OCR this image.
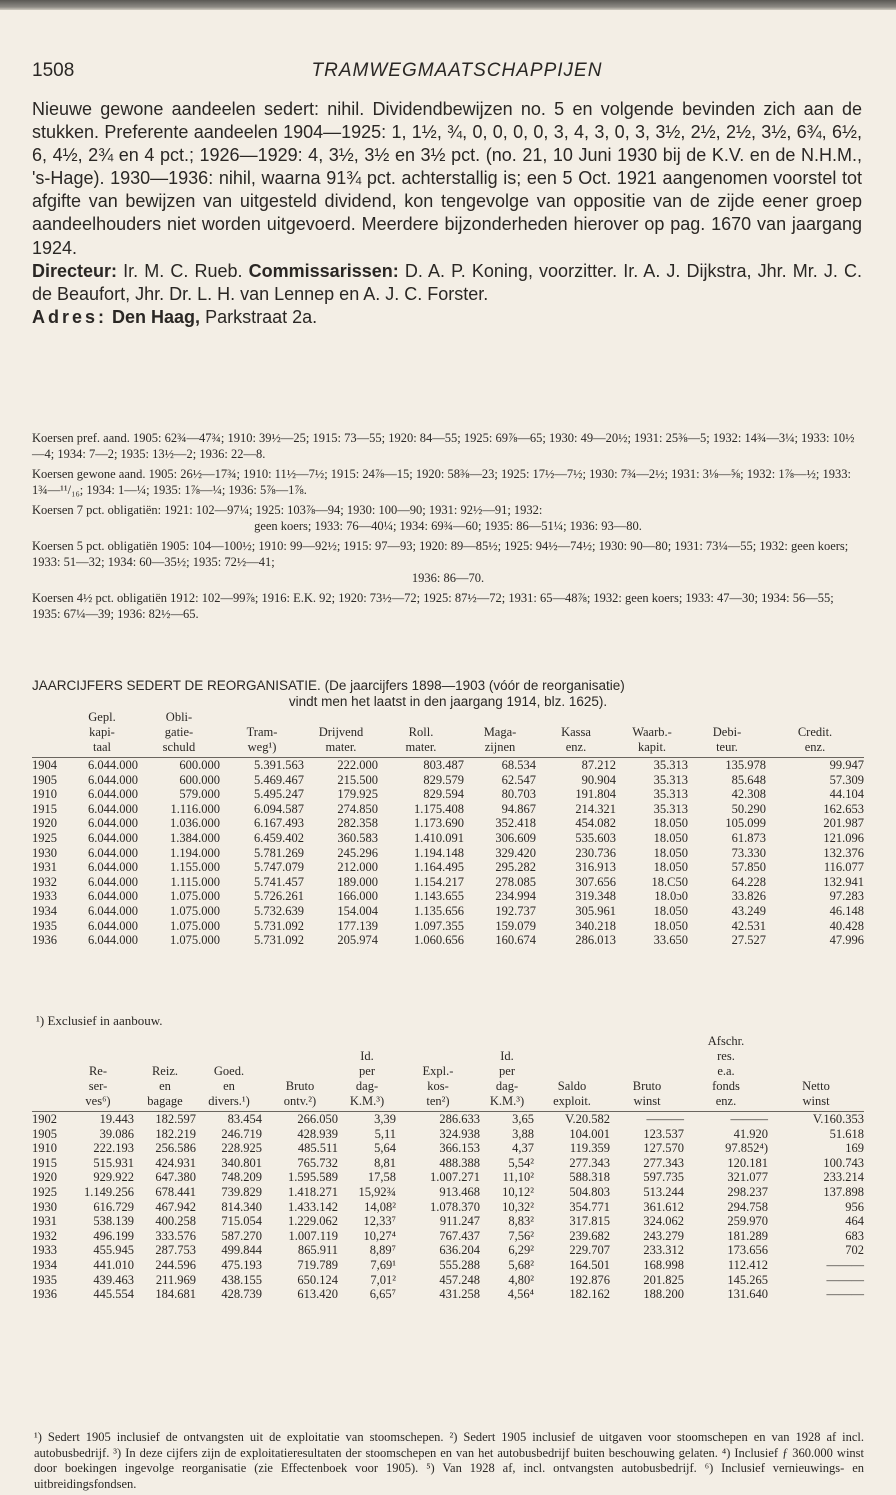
1508	TRAMWEGMAATSCHAPPIJEN

Nieuwe gewone aandeelen sedert: nihil. Dividendbewijzen no. 5 en volgende bevinden zich aan de stukken. Preferente aandeelen 1904—1925: 1, 1½, ¾, 0, 0, 0, 0, 3, 4, 3, 0, 3, 3½, 2½, 2½, 3½, 6¾, 6½, 6, 4½, 2¾ en 4 pct.; 1926—1929: 4, 3½, 3½ en 3½ pct. (no. 21, 10 Juni 1930 bij de K.V. en de N.H.M., 's-Hage). 1930—1936: nihil, waarna 91¾ pct. achterstallig is; een 5 Oct. 1921 aangenomen voorstel tot afgifte van bewijzen van uitgesteld dividend, kon tengevolge van oppositie van de zijde eener groep aandeelhouders niet worden uitgevoerd. Meerdere bijzonderheden hierover op pag. 1670 van jaargang 1924.

Directeur: Ir. M. C. Rueb. Commissarissen: D. A. P. Koning, voorzitter. Ir. A. J. Dijkstra, Jhr. Mr. J. C. de Beaufort, Jhr. Dr. L. H. van Lennep en A. J. C. Forster.

Adres: Den Haag, Parkstraat 2a.

Koersen pref. aand. 1905: 62¾—47¾; 1910: 39½—25; 1915: 73—55; 1920: 84—55; 1925: 69⅞—65; 1930: 49—20½; 1931: 25⅜—5; 1932: 14¾—3¼; 1933: 10½—4; 1934: 7—2; 1935: 13½—2; 1936: 22—8.

Koersen gewone aand. 1905: 26½—17¾; 1910: 11½—7½; 1915: 24⅞—15; 1920: 58⅜—23; 1925: 17½—7½; 1930: 7¾—2½; 1931: 3⅛—⅝; 1932: 1⅞—½; 1933: 1¾—¹¹/₁₆; 1934: 1—¼; 1935: 1⅞—¼; 1936: 5⅞—1⅞.

Koersen 7 pct. obligatiën: 1921: 102—97¼; 1925: 103⅞—94; 1930: 100—90; 1931: 92½—91; 1932:

geen koers; 1933: 76—40¼; 1934: 69¾—60; 1935: 86—51¼; 1936: 93—80.

Koersen 5 pct. obligatiën 1905: 104—100½; 1910: 99—92½; 1915: 97—93; 1920: 89—85½; 1925: 94½—74½; 1930: 90—80; 1931: 73¼—55; 1932: geen koers; 1933: 51—32; 1934: 60—35½; 1935: 72½—41;

1936: 86—70.

Koersen 4½ pct. obligatiën 1912: 102—99⅞; 1916: E.K. 92; 1920: 73½—72; 1925: 87½—72; 1931: 65—48⅞; 1932: geen koers; 1933: 47—30; 1934: 56—55; 1935: 67¼—39; 1936: 82½—65.

JAARCIJFERS SEDERT DE REORGANISATIE. (De jaarcijfers 1898—1903 (vóór de reorganisatie)
vindt men het laatst in den jaargang 1914, blz. 1625).
	Gepl.
kapi-
taal	Obli-
gatie-
schuld	Tram-
weg¹)	Drijvend
mater.	Roll.
mater.	Maga-
zijnen	Kassa
enz.	Waarb.-
kapit.	Debi-
teur.	Credit.
enz.
1904	6.044.000	600.000	5.391.563	222.000	803.487	68.534	87.212	35.313	135.978	99.947
1905	6.044.000	600.000	5.469.467	215.500	829.579	62.547	90.904	35.313	85.648	57.309
1910	6.044.000	579.000	5.495.247	179.925	829.594	80.703	191.804	35.313	42.308	44.104
1915	6.044.000	1.116.000	6.094.587	274.850	1.175.408	94.867	214.321	35.313	50.290	162.653
1920	6.044.000	1.036.000	6.167.493	282.358	1.173.690	352.418	454.082	18.050	105.099	201.987
1925	6.044.000	1.384.000	6.459.402	360.583	1.410.091	306.609	535.603	18.050	61.873	121.096
1930	6.044.000	1.194.000	5.781.269	245.296	1.194.148	329.420	230.736	18.050	73.330	132.376
1931	6.044.000	1.155.000	5.747.079	212.000	1.164.495	295.282	316.913	18.050	57.850	116.077
1932	6.044.000	1.115.000	5.741.457	189.000	1.154.217	278.085	307.656	18.C50	64.228	132.941
1933	6.044.000	1.075.000	5.726.261	166.000	1.143.655	234.994	319.348	18.0ɔ0	33.826	97.283
1934	6.044.000	1.075.000	5.732.639	154.004	1.135.656	192.737	305.961	18.050	43.249	46.148
1935	6.044.000	1.075.000	5.731.092	177.139	1.097.355	159.079	340.218	18.050	42.531	40.428
1936	6.044.000	1.075.000	5.731.092	205.974	1.060.656	160.674	286.013	33.650	27.527	47.996
¹) Exclusief in aanbouw.
	Re-
ser-
ves⁶)	Reiz.
en
bagage	Goed.
en
divers.¹)	Bruto
ontv.²)	Id.
per
dag-
K.M.³)	Expl.-
kos-
ten²)	Id.
per
dag-
K.M.³)	Saldo
exploit.	Bruto
winst	Afschr.
res.
e.a.
fonds
enz.	Netto
winst
1902	19.443	182.597	83.454	266.050	3,39	286.633	3,65	V.20.582	———	———	V.160.353
1905	39.086	182.219	246.719	428.939	5,11	324.938	3,88	104.001	123.537	41.920	51.618
1910	222.193	256.586	228.925	485.511	5,64	366.153	4,37	119.359	127.570	97.852⁴)	169
1915	515.931	424.931	340.801	765.732	8,81	488.388	5,54²	277.343	277.343	120.181	100.743
1920	929.922	647.380	748.209	1.595.589	17,58	1.007.271	11,10²	588.318	597.735	321.077	233.214
1925	1.149.256	678.441	739.829	1.418.271	15,92¾	913.468	10,12²	504.803	513.244	298.237	137.898
1930	616.729	467.942	814.340	1.433.142	14,08²	1.078.370	10,32²	354.771	361.612	294.758	956
1931	538.139	400.258	715.054	1.229.062	12,33⁷	911.247	8,83²	317.815	324.062	259.970	464
1932	496.199	333.576	587.270	1.007.119	10,27⁴	767.437	7,56²	239.682	243.279	181.289	683
1933	455.945	287.753	499.844	865.911	8,89⁷	636.204	6,29²	229.707	233.312	173.656	702
1934	441.010	244.596	475.193	719.789	7,69¹	555.288	5,68²	164.501	168.998	112.412	———
1935	439.463	211.969	438.155	650.124	7,01²	457.248	4,80²	192.876	201.825	145.265	———
1936	445.554	184.681	428.739	613.420	6,65⁷	431.258	4,56⁴	182.162	188.200	131.640	———
¹) Sedert 1905 inclusief de ontvangsten uit de exploitatie van stoomschepen. ²) Sedert 1905 inclusief de uitgaven voor stoomschepen en van 1928 af incl. autobusbedrijf. ³) In deze cijfers zijn de exploitatieresultaten der stoomschepen en van het autobusbedrijf buiten beschouwing gelaten. ⁴) Inclusief ƒ 360.000 winst door boekingen ingevolge reorganisatie (zie Effectenboek voor 1905). ⁵) Van 1928 af, incl. ontvangsten autobusbedrijf. ⁶) Inclusief vernieuwings- en uitbreidingsfondsen.
